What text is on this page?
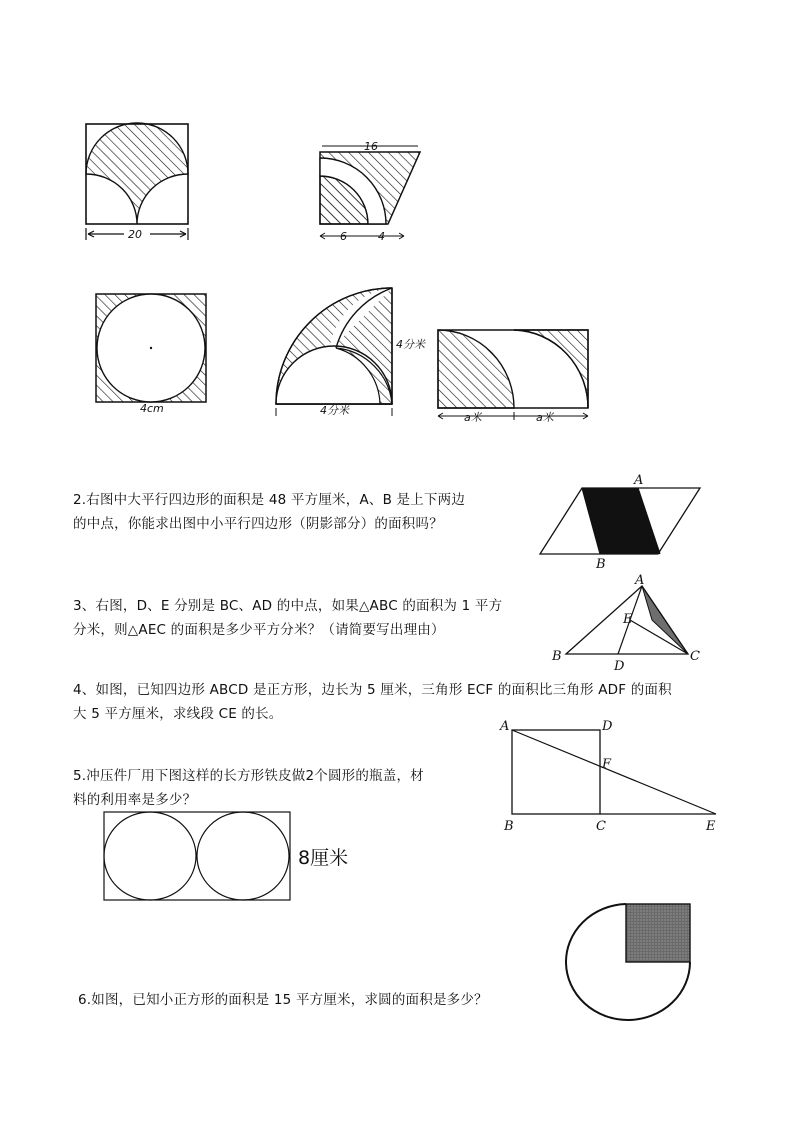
20
16
6	4
4cm	4分米
4分米
a米	a米
2.右图中大平行四边形的面积是 48 平方厘米，A、B 是上下两边
的中点，你能求出图中小平行四边形（阴影部分）的面积吗？
A
B
3、右图，D、E 分别是 BC、AD 的中点，如果△ABC 的面积为 1 平方
分米，则△AEC 的面积是多少平方分米？（请简要写出理由）
A
E
B
D
C
4、如图，已知四边形 ABCD 是正方形，边长为 5 厘米，三角形 ECF 的面积比三角形 ADF 的面积
大 5 平方厘米，求线段 CE 的长。
A	D
F
B	C	E
5.冲压件厂用下图这样的长方形铁皮做2个圆形的瓶盖，材
料的利用率是多少？
8厘米
6.如图，已知小正方形的面积是 15 平方厘米，求圆的面积是多少？
